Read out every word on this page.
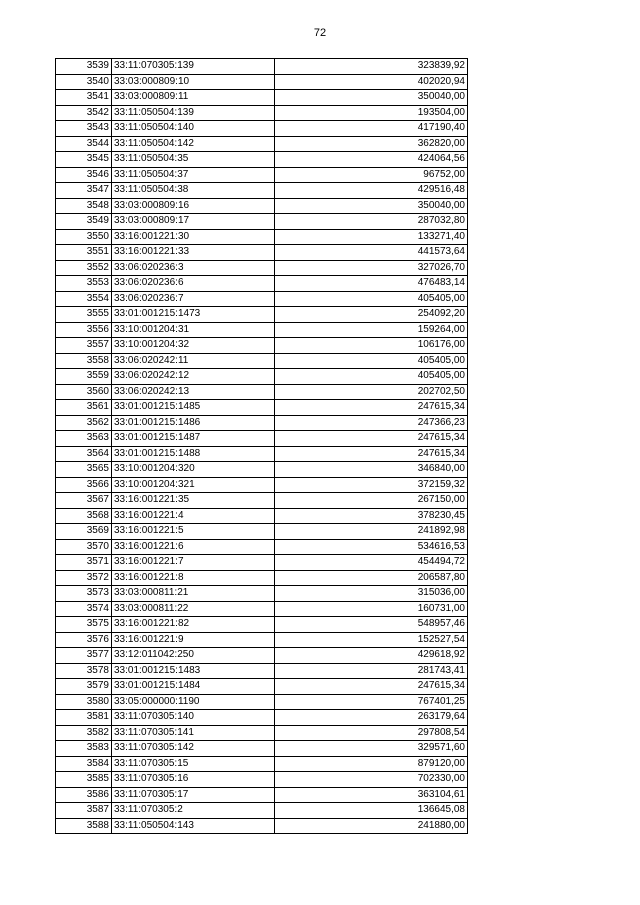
72
3539	33:11:070305:139	323839,92
3540	33:03:000809:10	402020,94
3541	33:03:000809:11	350040,00
3542	33:11:050504:139	193504,00
3543	33:11:050504:140	417190,40
3544	33:11:050504:142	362820,00
3545	33:11:050504:35	424064,56
3546	33:11:050504:37	96752,00
3547	33:11:050504:38	429516,48
3548	33:03:000809:16	350040,00
3549	33:03:000809:17	287032,80
3550	33:16:001221:30	133271,40
3551	33:16:001221:33	441573,64
3552	33:06:020236:3	327026,70
3553	33:06:020236:6	476483,14
3554	33:06:020236:7	405405,00
3555	33:01:001215:1473	254092,20
3556	33:10:001204:31	159264,00
3557	33:10:001204:32	106176,00
3558	33:06:020242:11	405405,00
3559	33:06:020242:12	405405,00
3560	33:06:020242:13	202702,50
3561	33:01:001215:1485	247615,34
3562	33:01:001215:1486	247366,23
3563	33:01:001215:1487	247615,34
3564	33:01:001215:1488	247615,34
3565	33:10:001204:320	346840,00
3566	33:10:001204:321	372159,32
3567	33:16:001221:35	267150,00
3568	33:16:001221:4	378230,45
3569	33:16:001221:5	241892,98
3570	33:16:001221:6	534616,53
3571	33:16:001221:7	454494,72
3572	33:16:001221:8	206587,80
3573	33:03:000811:21	315036,00
3574	33:03:000811:22	160731,00
3575	33:16:001221:82	548957,46
3576	33:16:001221:9	152527,54
3577	33:12:011042:250	429618,92
3578	33:01:001215:1483	281743,41
3579	33:01:001215:1484	247615,34
3580	33:05:000000:1190	767401,25
3581	33:11:070305:140	263179,64
3582	33:11:070305:141	297808,54
3583	33:11:070305:142	329571,60
3584	33:11:070305:15	879120,00
3585	33:11:070305:16	702330,00
3586	33:11:070305:17	363104,61
3587	33:11:070305:2	136645,08
3588	33:11:050504:143	241880,00
